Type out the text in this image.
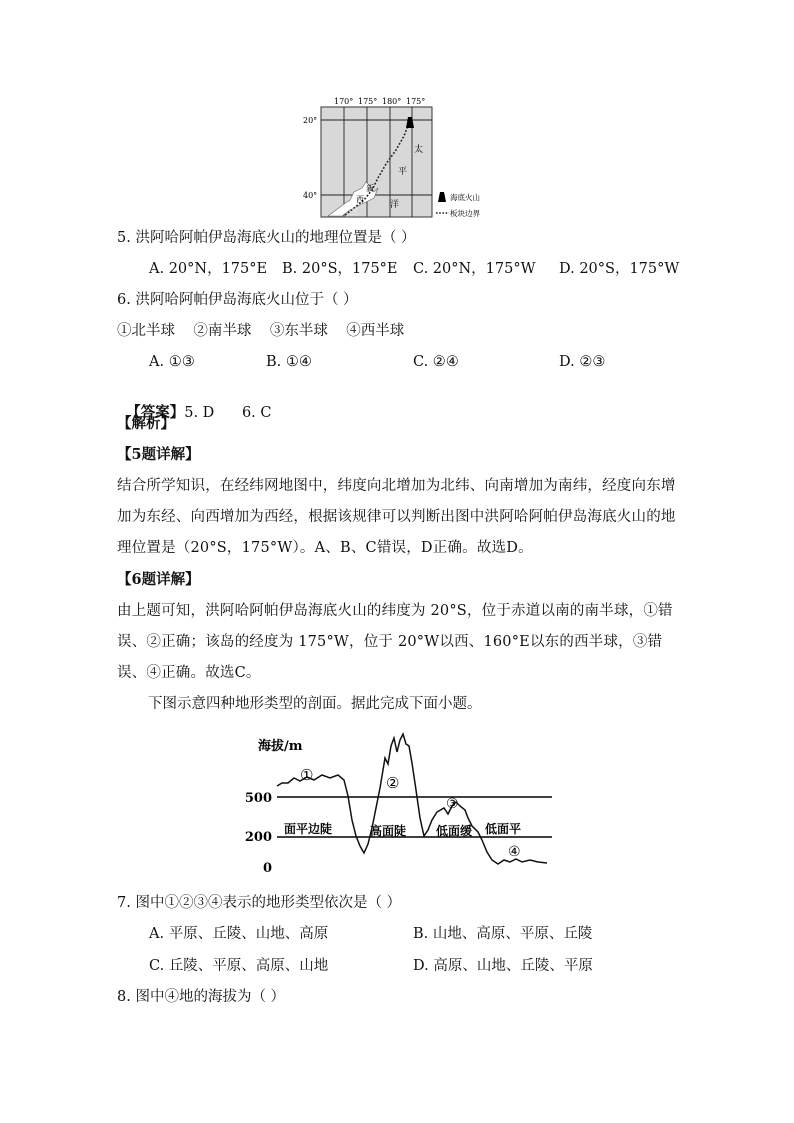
170° 175° 180° 175°
20°
40°
太
平
洋
新
西
兰
海底火山
板块边界
5. 洪阿哈阿帕伊岛海底火山的地理位置是（ ）
A. 20°N，175°E B. 20°S，175°E C. 20°N，175°W D. 20°S，175°W
6. 洪阿哈阿帕伊岛海底火山位于（ ）
①北半球    ②南半球    ③东半球    ④西半球
A. ①③	B. ①④	C. ②④	D. ②③

【答案】5. D      6. C

【解析】
【5题详解】
结合所学知识，在经纬网地图中，纬度向北增加为北纬、向南增加为南纬，经度向东增加为东经、向西增加为西经，根据该规律可以判断出图中洪阿哈阿帕伊岛海底火山的地理位置是（20°S，175°W）。A、B、C错误，D正确。故选D。
【6题详解】
由上题可知，洪阿哈阿帕伊岛海底火山的纬度为 20°S，位于赤道以南的南半球，①错误、②正确；该岛的经度为 175°W，位于 20°W以西、160°E以东的西半球，③错误、④正确。故选C。
下图示意四种地形类型的剖面。据此完成下面小题。
海拔/m
500
200
0
①	②
③
④
面平边陡	高面陡 低面缓 低面平
7. 图中①②③④表示的地形类型依次是（ ）
A. 平原、丘陵、山地、高原	B. 山地、高原、平原、丘陵
C. 丘陵、平原、高原、山地	D. 高原、山地、丘陵、平原
8. 图中④地的海拔为（ ）
